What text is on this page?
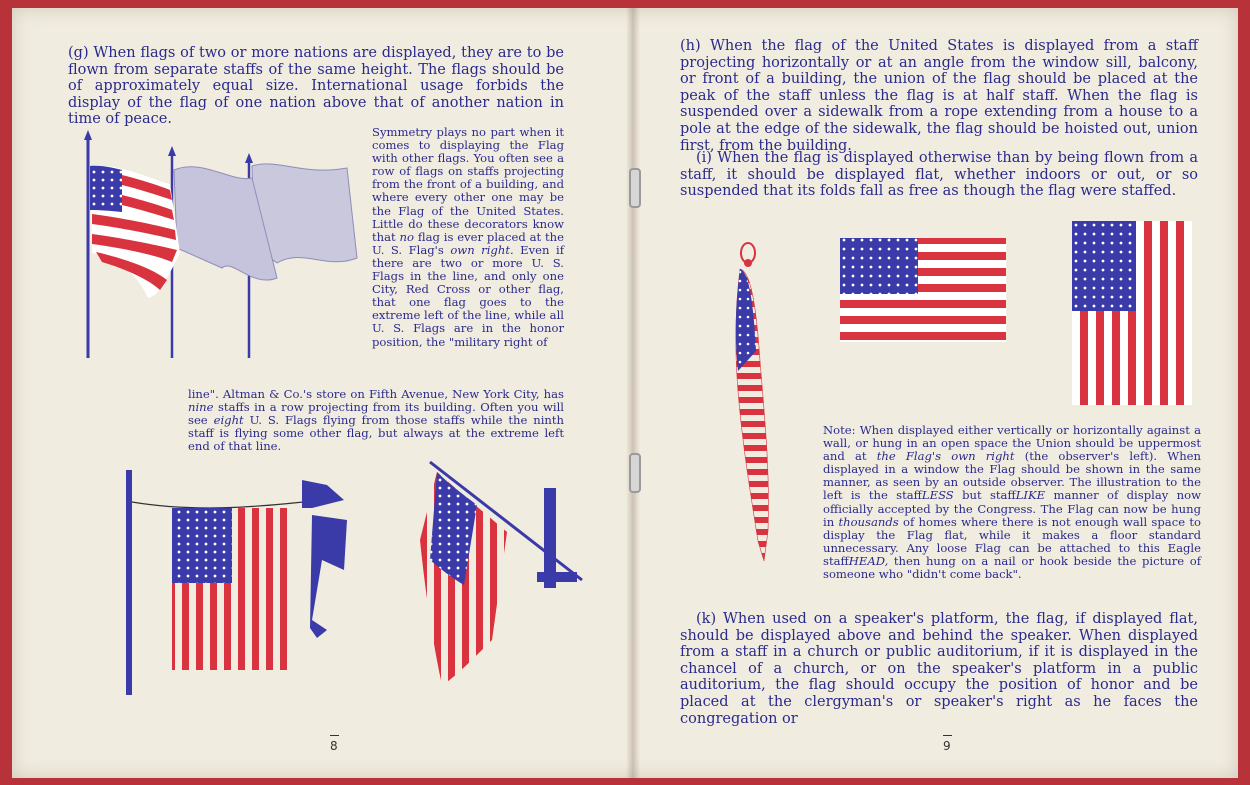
(g) When flags of two or more nations are displayed, they are to be flown from separate staffs of the same height. The flags should be of approximately equal size. International usage forbids the display of the flag of one nation above that of another nation in time of peace.

Symmetry plays no part when it comes to displaying the Flag with other flags. You often see a row of flags on staffs projecting from the front of a building, and where every other one may be the Flag of the United States. Little do these decorators know that no flag is ever placed at the U. S. Flag's own right. Even if there are two or more U. S. Flags in the line, and only one City, Red Cross or other flag, that one flag goes to the extreme left of the line, while all U. S. Flags are in the honor position, the "military right of

line". Altman & Co.'s store on Fifth Avenue, New York City, has nine staffs in a row projecting from its building. Often you will see eight U. S. Flags flying from those staffs while the ninth staff is flying some other flag, but always at the extreme left end of that line.

8

(h) When the flag of the United States is displayed from a staff projecting horizontally or at an angle from the window sill, balcony, or front of a building, the union of the flag should be placed at the peak of the staff unless the flag is at half staff. When the flag is suspended over a sidewalk from a rope extending from a house to a pole at the edge of the sidewalk, the flag should be hoisted out, union first, from the building.

(i) When the flag is displayed otherwise than by being flown from a staff, it should be displayed flat, whether indoors or out, or so suspended that its folds fall as free as though the flag were staffed.

Note: When displayed either vertically or horizontally against a wall, or hung in an open space the Union should be uppermost and at the Flag's own right (the observer's left). When displayed in a window the Flag should be shown in the same manner, as seen by an outside observer. The illustration to the left is the staffLESS but staffLIKE manner of display now officially accepted by the Congress. The Flag can now be hung in thousands of homes where there is not enough wall space to display the Flag flat, while it makes a floor standard unnecessary. Any loose Flag can be attached to this Eagle staffHEAD, then hung on a nail or hook beside the picture of someone who "didn't come back".

(k) When used on a speaker's platform, the flag, if displayed flat, should be displayed above and behind the speaker. When displayed from a staff in a church or public auditorium, if it is displayed in the chancel of a church, or on the speaker's platform in a public auditorium, the flag should occupy the position of honor and be placed at the clergyman's or speaker's right as he faces the congregation or

9
